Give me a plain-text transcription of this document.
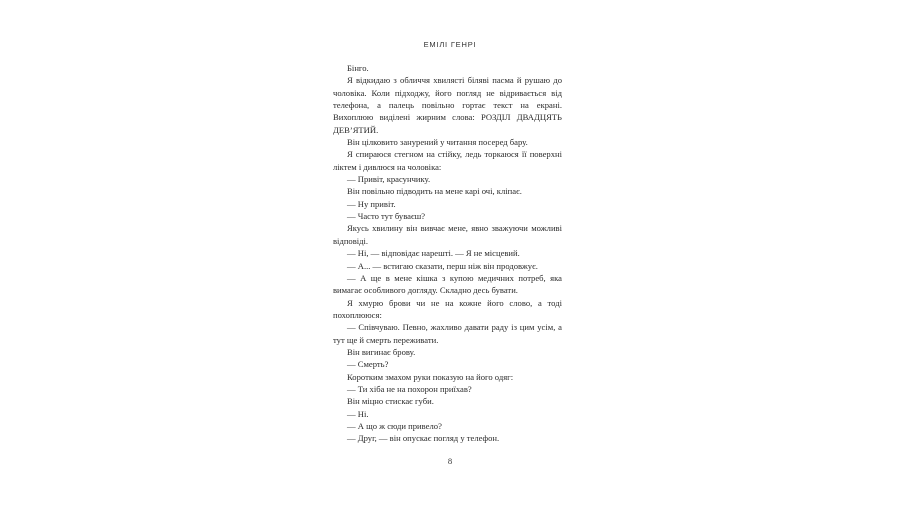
ЕМІЛІ ГЕНРІ

Бінго.

Я відкидаю з обличчя хвилясті біляві пасма й рушаю до чоловіка. Коли підходжу, його погляд не відривається від телефона, а палець повільно гортає текст на екрані. Вихоплюю виділені жирним слова: РОЗДІЛ ДВАДЦЯТЬ ДЕВ’ЯТИЙ.

Він цілковито занурений у читання посеред бару.

Я спираюся стегном на стійку, ледь торкаюся її поверхні ліктем і дивлюся на чоловіка:

— Привіт, красунчику.

Він повільно підводить на мене карі очі, кліпає.

— Ну привіт.

— Часто тут буваєш?

Якусь хвилину він вивчає мене, явно зважуючи можливі відповіді.

— Ні, — відповідає нарешті. — Я не місцевий.

— А... — встигаю сказати, перш ніж він продовжує.

— А ще в мене кішка з купою медичних потреб, яка вимагає особливого догляду. Складно десь бувати.

Я хмурю брови чи не на кожне його слово, а тоді похоплююся:

— Співчуваю. Певно, жахливо давати раду із цим усім, а тут ще й смерть переживати.

Він вигинає брову.

— Смерть?

Коротким змахом руки показую на його одяг:

— Ти хіба не на похорон приїхав?

Він міцно стискає губи.

— Ні.

— А що ж сюди привело?

— Друг, — він опускає погляд у телефон.

8
